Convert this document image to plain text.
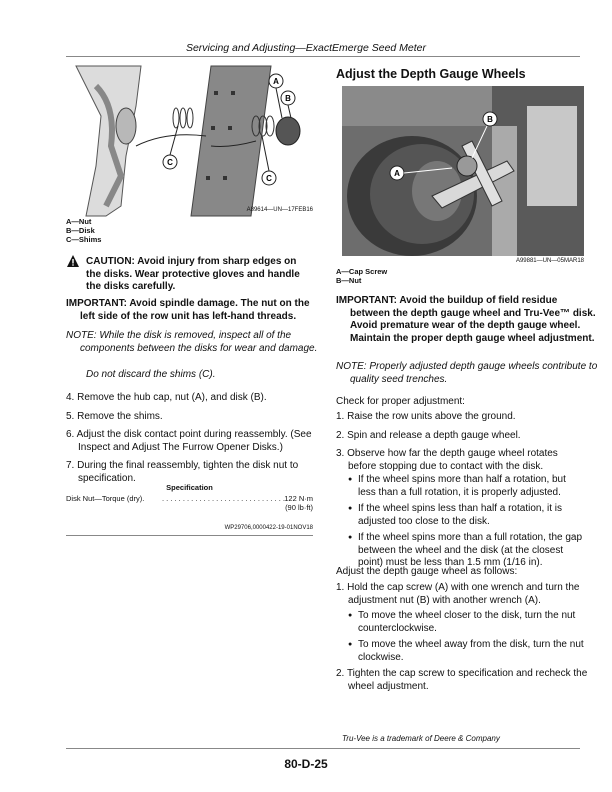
Servicing and Adjusting—ExactEmerge Seed Meter
A
B
C
C
A89614—UN—17FEB16
A—Nut
B—Disk
C—Shims
CAUTION: Avoid injury from sharp edges on the disks. Wear protective gloves and handle the disks carefully.
IMPORTANT: Avoid spindle damage. The nut on the left side of the row unit has left-hand threads.
NOTE: While the disk is removed, inspect all of the components between the disks for wear and damage.
Do not discard the shims (C).
4. Remove the hub cap, nut (A), and disk (B).
5. Remove the shims.
6. Adjust the disk contact point during reassembly. (See Inspect and Adjust The Furrow Opener Disks.)
7. During the final reassembly, tighten the disk nut to specification.
Specification
Disk Nut—Torque (dry). . . . . . . . . . . . . . . . . . . . . . . . . . . . . . . 122 N·m
(90 lb·ft)
WP29706,0000422-19-01NOV18
Adjust the Depth Gauge Wheels
B
A
A99881—UN—05MAR18
A—Cap Screw
B—Nut
IMPORTANT: Avoid the buildup of field residue between the depth gauge wheel and Tru-Vee™ disk. Avoid premature wear of the depth gauge wheel. Maintain the proper depth gauge wheel adjustment.
NOTE: Properly adjusted depth gauge wheels contribute to quality seed trenches.
Check for proper adjustment:
1. Raise the row units above the ground.
2. Spin and release a depth gauge wheel.
3. Observe how far the depth gauge wheel rotates before stopping due to contact with the disk.
● If the wheel spins more than half a rotation, but less than a full rotation, it is properly adjusted.
● If the wheel spins less than half a rotation, it is adjusted too close to the disk.
● If the wheel spins more than a full rotation, the gap between the wheel and the disk (at the closest point) must be less than 1.5 mm (1/16 in).
Adjust the depth gauge wheel as follows:
1. Hold the cap screw (A) with one wrench and turn the adjustment nut (B) with another wrench (A).
● To move the wheel closer to the disk, turn the nut counterclockwise.
● To move the wheel away from the disk, turn the nut clockwise.
2. Tighten the cap screw to specification and recheck the wheel adjustment.
Tru-Vee is a trademark of Deere & Company
80-D-25
